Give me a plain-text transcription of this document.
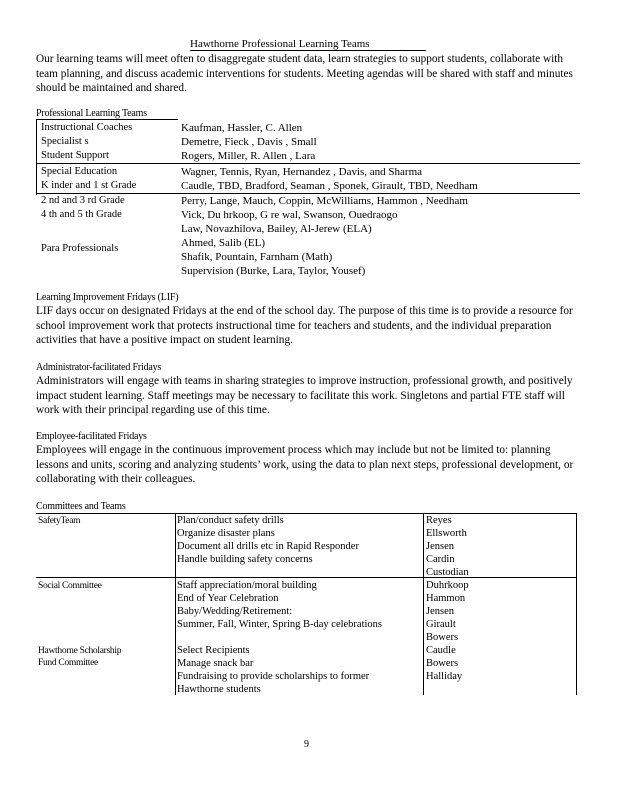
Hawthorne Professional Learning Teams
Our learning teams will meet often to disaggregate student data, learn strategies to support students, collaborate with team planning, and discuss academic interventions for students. Meeting agendas will be shared with staff and minutes should be maintained and shared.
Professional Learning Teams
Instructional Coaches
Specialist s
Student Support
Kaufman, Hassler, C. Allen
Demetre, Fieck , Davis , Small
Rogers, Miller, R. Allen , Lara
Special Education
K inder and 1 st Grade
Wagner, Tennis, Ryan, Hernandez , Davis, and Sharma
Caudle, TBD, Bradford, Seaman , Sponek, Girault, TBD, Needham
2 nd and 3 rd Grade
4 th and 5 th Grade
Perry, Lange, Mauch, Coppin, McWilliams, Hammon , Needham
Vick, Du hrkoop, G re wal, Swanson, Ouedraogo
Para Professionals
Law, Novazhilova, Bailey, Al-Jerew (ELA)
Ahmed, Salib (EL)
Shafik, Pountain, Farnham (Math)
Supervision (Burke, Lara, Taylor, Yousef)
Learning Improvement Fridays (LIF)
LIF days occur on designated Fridays at the end of the school day. The purpose of this time is to provide a resource for school improvement work that protects instructional time for teachers and students, and the individual preparation activities that have a positive impact on student learning.
Administrator-facilitated Fridays
Administrators will engage with teams in sharing strategies to improve instruction, professional growth, and positively impact student learning. Staff meetings may be necessary to facilitate this work. Singletons and partial FTE staff will work with their principal regarding use of this time.
Employee-facilitated Fridays
Employees will engage in the continuous improvement process which may include but not be limited to: planning lessons and units, scoring and analyzing students’ work, using the data to plan next steps, professional development, or collaborating with their colleagues.
Committees and Teams
SafetyTeam	Plan/conduct safety drills
Organize disaster plans
Document all drills etc in Rapid Responder
Handle building safety concerns
Reyes
Ellsworth
Jensen
Cardin
Custodian
Social Committee	Staff appreciation/moral building
End of Year Celebration
Baby/Wedding/Retirement:
Summer, Fall, Winter, Spring B-day celebrations
Duhrkoop
Hammon
Jensen
Girault
Bowers
Hawthorne Scholarship
Fund Committee
Select Recipients
Manage snack bar
Fundraising to provide scholarships to former
Hawthorne students
Caudle
Bowers
Halliday
9
